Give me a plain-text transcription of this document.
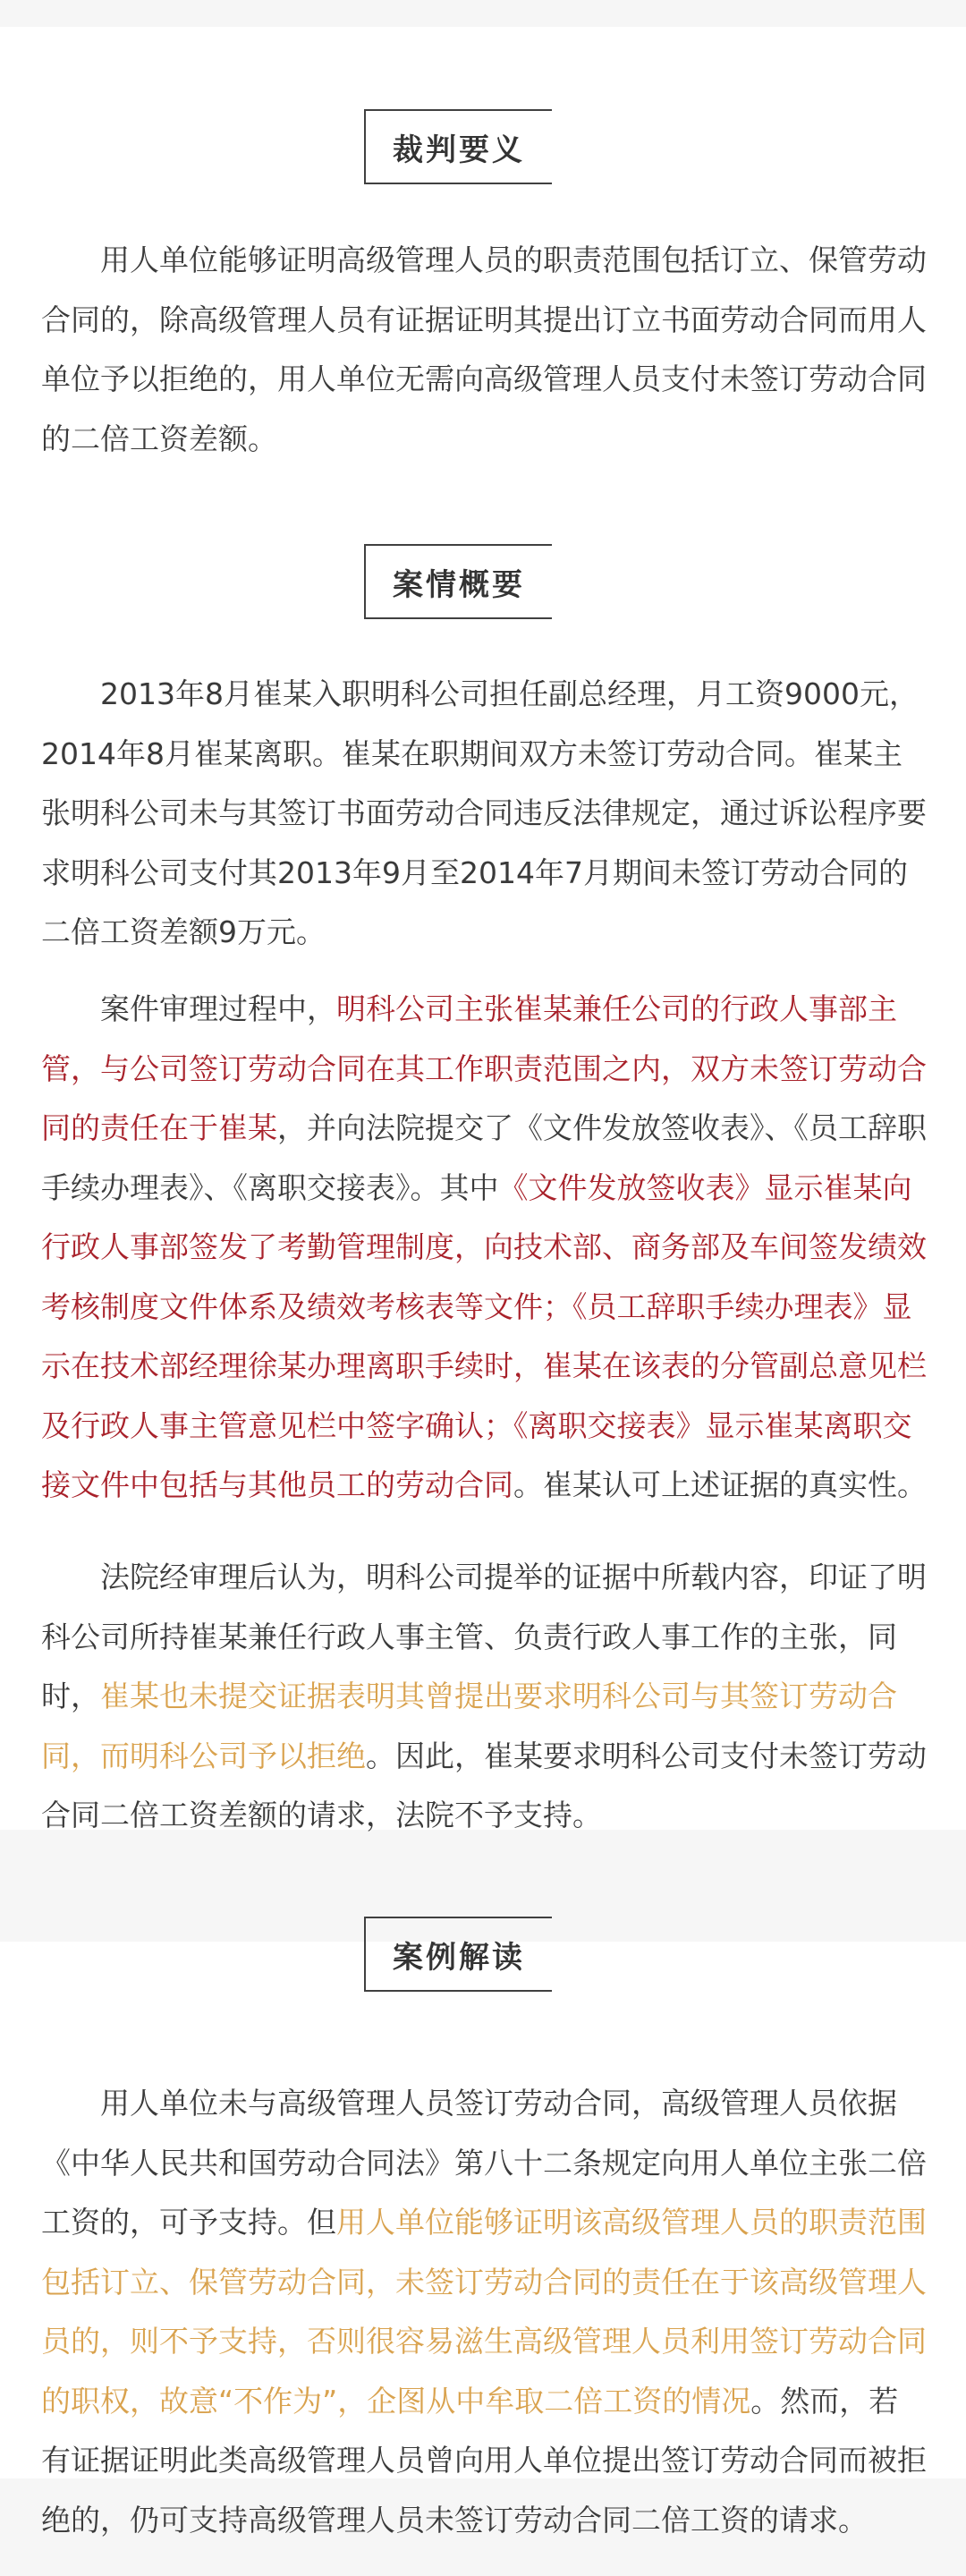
裁判要义

用人单位能够证明高级管理人员的职责范围包括订立、保管劳动合同的，除高级管理人员有证据证明其提出订立书面劳动合同而用人单位予以拒绝的，用人单位无需向高级管理人员支付未签订劳动合同的二倍工资差额。

案情概要

2013年8月崔某入职明科公司担任副总经理，月工资9000元，2014年8月崔某离职。崔某在职期间双方未签订劳动合同。崔某主张明科公司未与其签订书面劳动合同违反法律规定，通过诉讼程序要求明科公司支付其2013年9月至2014年7月期间未签订劳动合同的二倍工资差额9万元。

案件审理过程中，明科公司主张崔某兼任公司的行政人事部主管，与公司签订劳动合同在其工作职责范围之内，双方未签订劳动合同的责任在于崔某，并向法院提交了《文件发放签收表》、《员工辞职手续办理表》、《离职交接表》。其中《文件发放签收表》显示崔某向行政人事部签发了考勤管理制度，向技术部、商务部及车间签发绩效考核制度文件体系及绩效考核表等文件；《员工辞职手续办理表》显示在技术部经理徐某办理离职手续时，崔某在该表的分管副总意见栏及行政人事主管意见栏中签字确认；《离职交接表》显示崔某离职交接文件中包括与其他员工的劳动合同。崔某认可上述证据的真实性。

法院经审理后认为，明科公司提举的证据中所载内容，印证了明科公司所持崔某兼任行政人事主管、负责行政人事工作的主张，同时，崔某也未提交证据表明其曾提出要求明科公司与其签订劳动合同，而明科公司予以拒绝。因此，崔某要求明科公司支付未签订劳动合同二倍工资差额的请求，法院不予支持。

案例解读

用人单位未与高级管理人员签订劳动合同，高级管理人员依据《中华人民共和国劳动合同法》第八十二条规定向用人单位主张二倍工资的，可予支持。但用人单位能够证明该高级管理人员的职责范围包括订立、保管劳动合同，未签订劳动合同的责任在于该高级管理人员的，则不予支持，否则很容易滋生高级管理人员利用签订劳动合同的职权，故意“不作为”，企图从中牟取二倍工资的情况。然而，若有证据证明此类高级管理人员曾向用人单位提出签订劳动合同而被拒绝的，仍可支持高级管理人员未签订劳动合同二倍工资的请求。
